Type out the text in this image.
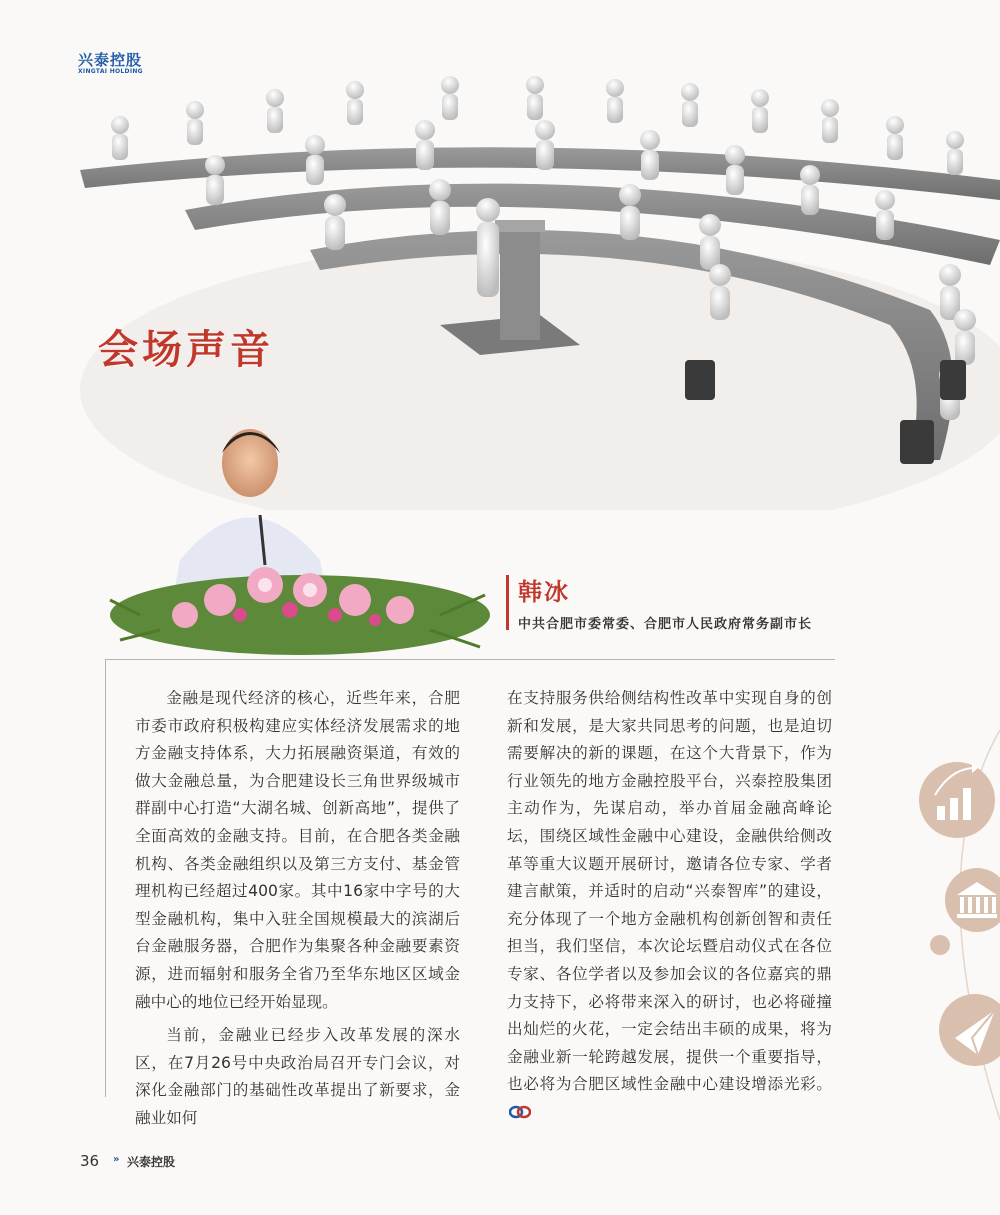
兴泰控股
XINGTAI HOLDING
会场声音
韩冰
中共合肥市委常委、合肥市人民政府常务副市长

金融是现代经济的核心，近些年来，合肥市委市政府积极构建应实体经济发展需求的地方金融支持体系，大力拓展融资渠道，有效的做大金融总量，为合肥建设长三角世界级城市群副中心打造“大湖名城、创新高地”，提供了全面高效的金融支持。目前，在合肥各类金融机构、各类金融组织以及第三方支付、基金管理机构已经超过400家。其中16家中字号的大型金融机构，集中入驻全国规模最大的滨湖后台金融服务器，合肥作为集聚各种金融要素资源，进而辐射和服务全省乃至华东地区区域金融中心的地位已经开始显现。

当前，金融业已经步入改革发展的深水区，在7月26号中央政治局召开专门会议，对深化金融部门的基础性改革提出了新要求，金融业如何

在支持服务供给侧结构性改革中实现自身的创新和发展，是大家共同思考的问题，也是迫切需要解决的新的课题，在这个大背景下，作为行业领先的地方金融控股平台，兴泰控股集团主动作为，先谋启动，举办首届金融高峰论坛，围绕区域性金融中心建设，金融供给侧改革等重大议题开展研讨，邀请各位专家、学者建言献策，并适时的启动“兴泰智库”的建设，充分体现了一个地方金融机构创新创智和责任担当，我们坚信，本次论坛暨启动仪式在各位专家、各位学者以及参加会议的各位嘉宾的鼎力支持下，必将带来深入的研讨，也必将碰撞出灿烂的火花，一定会结出丰硕的成果，将为金融业新一轮跨越发展，提供一个重要指导，也必将为合肥区域性金融中心建设增添光彩。

36 » 兴泰控股
